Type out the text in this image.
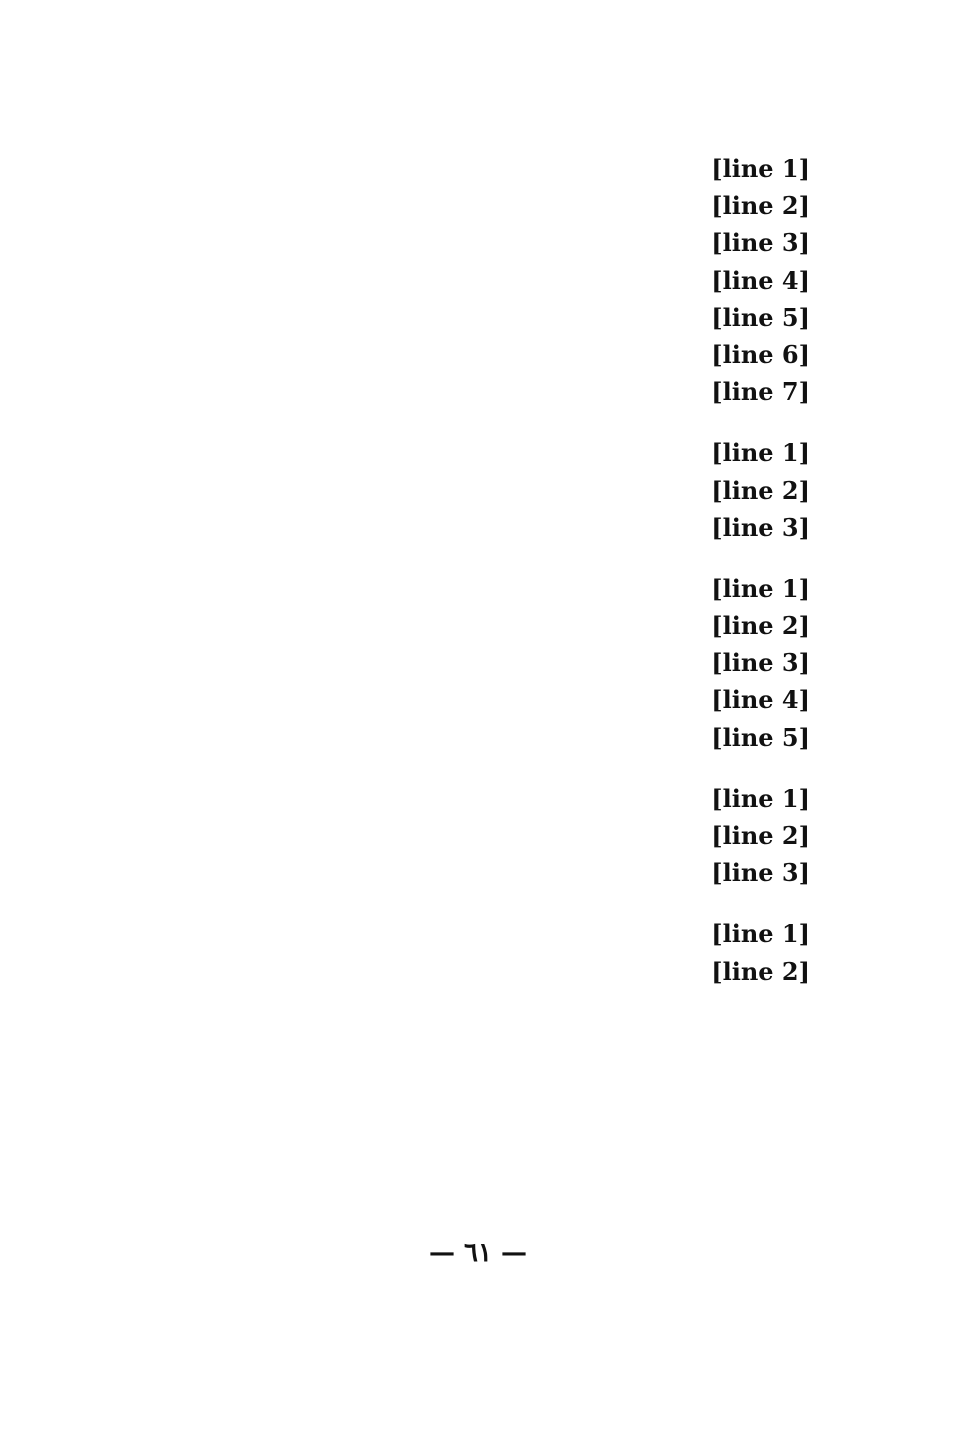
[line 1]
[line 2]
[line 3]
[line 4]
[line 5]
[line 6]
[line 7]

[line 1]
[line 2]
[line 3]

[line 1]
[line 2]
[line 3]
[line 4]
[line 5]

[line 1]
[line 2]
[line 3]

[line 1]
[line 2]

— ٦١ —
